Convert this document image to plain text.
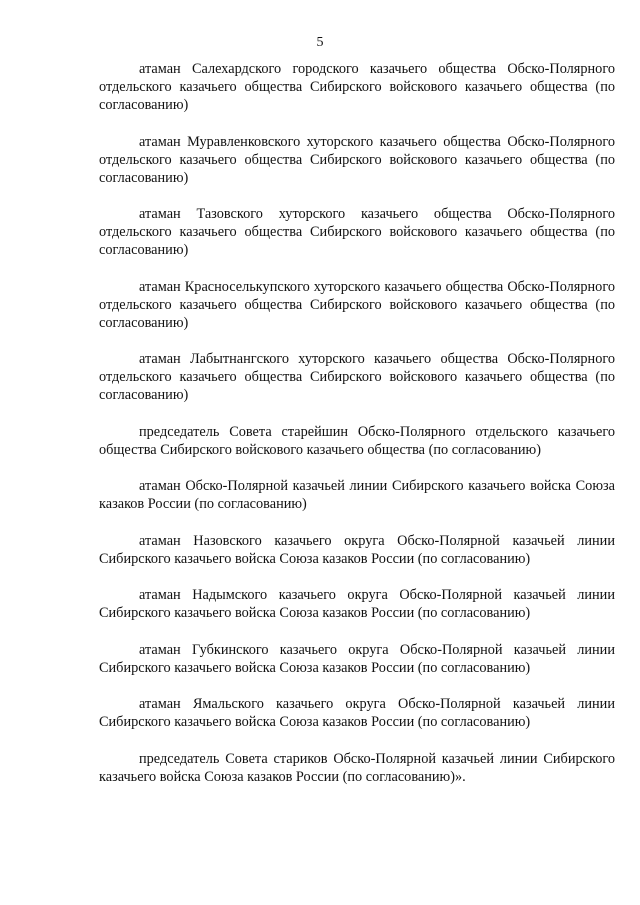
5

атаман Салехардского городского казачьего общества Обско-Полярного отдельского казачьего общества Сибирского войскового казачьего общества (по согласованию)

атаман Муравленковского хуторского казачьего общества Обско-Полярного отдельского казачьего общества Сибирского войскового казачьего общества (по согласованию)

атаман Тазовского хуторского казачьего общества Обско-Полярного отдельского казачьего общества Сибирского войскового казачьего общества (по согласованию)

атаман Красноселькупского хуторского казачьего общества Обско-Полярного отдельского казачьего общества Сибирского войскового казачьего общества (по согласованию)

атаман Лабытнангского хуторского казачьего общества Обско-Полярного отдельского казачьего общества Сибирского войскового казачьего общества (по согласованию)

председатель Совета старейшин Обско-Полярного отдельского казачьего общества Сибирского войскового казачьего общества (по согласованию)

атаман Обско-Полярной казачьей линии Сибирского казачьего войска Союза казаков России (по согласованию)

атаман Назовского казачьего округа Обско-Полярной казачьей линии Сибирского казачьего войска Союза казаков России (по согласованию)

атаман Надымского казачьего округа Обско-Полярной казачьей линии Сибирского казачьего войска Союза казаков России (по согласованию)

атаман Губкинского казачьего округа Обско-Полярной казачьей линии Сибирского казачьего войска Союза казаков России (по согласованию)

атаман Ямальского казачьего округа Обско-Полярной казачьей линии Сибирского казачьего войска Союза казаков России (по согласованию)

председатель Совета стариков Обско-Полярной казачьей линии Сибирского казачьего войска Союза казаков России (по согласованию)».
